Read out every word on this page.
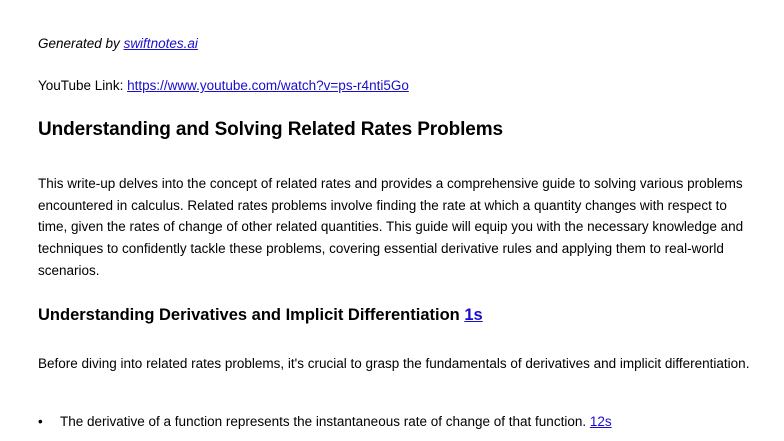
Generated by swiftnotes.ai
YouTube Link: https://www.youtube.com/watch?v=ps-r4nti5Go
Understanding and Solving Related Rates Problems
This write-up delves into the concept of related rates and provides a comprehensive guide to solving various problems encountered in calculus. Related rates problems involve finding the rate at which a quantity changes with respect to time, given the rates of change of other related quantities. This guide will equip you with the necessary knowledge and techniques to confidently tackle these problems, covering essential derivative rules and applying them to real-world scenarios.
Understanding Derivatives and Implicit Differentiation 1s
Before diving into related rates problems, it's crucial to grasp the fundamentals of derivatives and implicit differentiation.
• The derivative of a function represents the instantaneous rate of change of that function. 12s
